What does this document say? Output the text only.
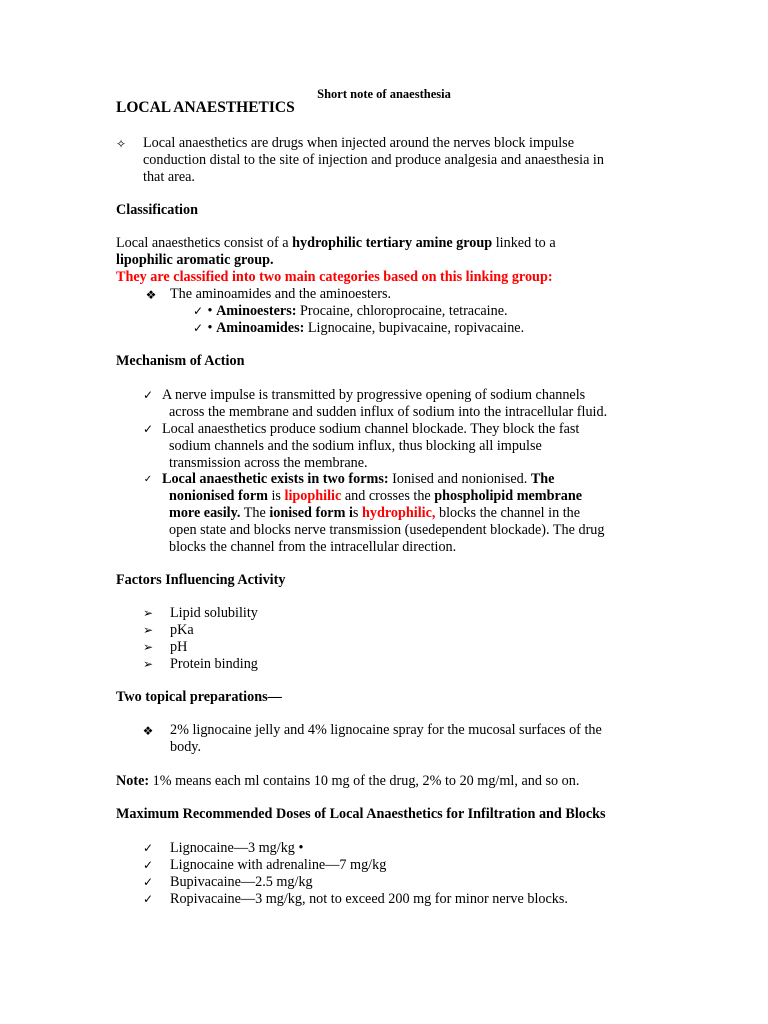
Short note of anaesthesia
LOCAL ANAESTHETICS
✧ Local anaesthetics are drugs when injected around the nerves block impulse
conduction distal to the site of injection and produce analgesia and anaesthesia in
that area.
Classification
Local anaesthetics consist of a hydrophilic tertiary amine group linked to a
lipophilic aromatic group.
They are classified into two main categories based on this linking group:
❖ The aminoamides and the aminoesters.
✓ • Aminoesters: Procaine, chloroprocaine, tetracaine.
✓ • Aminoamides: Lignocaine, bupivacaine, ropivacaine.
Mechanism of Action
✓ A nerve impulse is transmitted by progressive opening of sodium channels
across the membrane and sudden influx of sodium into the intracellular fluid.
✓ Local anaesthetics produce sodium channel blockade. They block the fast
sodium channels and the sodium influx, thus blocking all impulse
transmission across the membrane.
✓ Local anaesthetic exists in two forms: Ionised and nonionised. The
nonionised form is lipophilic and crosses the phospholipid membrane
more easily. The ionised form is hydrophilic, blocks the channel in the
open state and blocks nerve transmission (usedependent blockade). The drug
blocks the channel from the intracellular direction.
Factors Influencing Activity
➢ Lipid solubility
➢ pKa
➢ pH
➢ Protein binding
Two topical preparations—
❖ 2% lignocaine jelly and 4% lignocaine spray for the mucosal surfaces of the
body.
Note: 1% means each ml contains 10 mg of the drug, 2% to 20 mg/ml, and so on.
Maximum Recommended Doses of Local Anaesthetics for Infiltration and Blocks
✓ Lignocaine—3 mg/kg •
✓ Lignocaine with adrenaline—7 mg/kg
✓ Bupivacaine—2.5 mg/kg
✓ Ropivacaine—3 mg/kg, not to exceed 200 mg for minor nerve blocks.
